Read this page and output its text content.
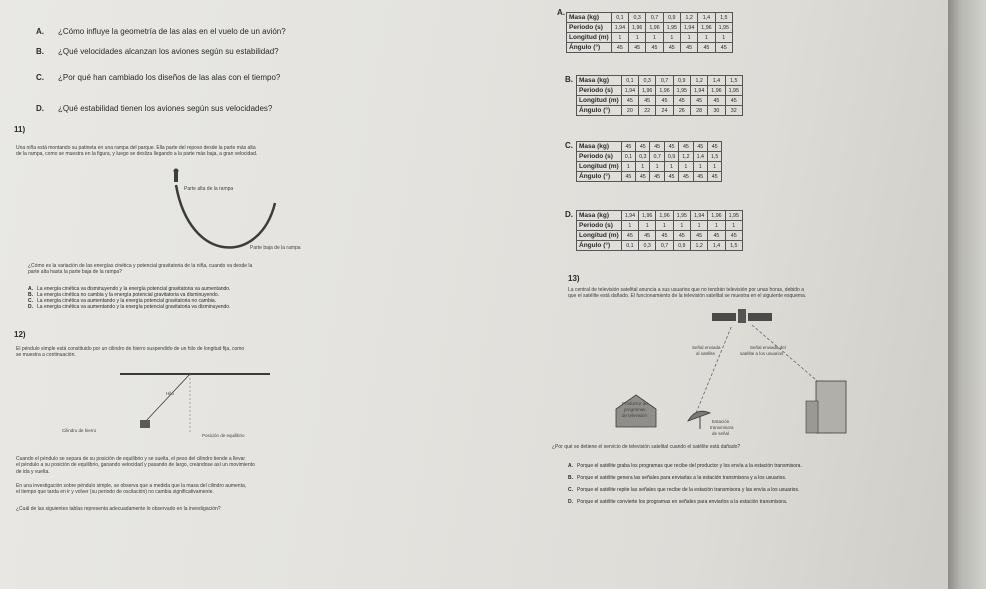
A. ¿Cómo influye la geometría de las alas en el vuelo de un avión?
B. ¿Qué velocidades alcanzan los aviones según su estabilidad?
C. ¿Por qué han cambiado los diseños de las alas con el tiempo?
D. ¿Qué estabilidad tienen los aviones según sus velocidades?
11)
Una niña está montando su patineta en una rampa del parque. Ella parte del reposo desde la parte más alta
de la rampa, como se muestra en la figura, y luego se desliza llegando a la parte más baja, a gran velocidad.
Parte alta de la rampa
Parte baja de la rampa
¿Cómo es la variación de las energías cinética y potencial gravitatoria de la niña, cuando va desde la
parte alta hasta la parte baja de la rampa?
A. La energía cinética va disminuyendo y la energía potencial gravitatoria va aumentando.
B. La energía cinética no cambia y la energía potencial gravitatoria va disminuyendo.
C. La energía cinética va aumentando y la energía potencial gravitatoria no cambia.
D. La energía cinética va aumentando y la energía potencial gravitatoria va disminuyendo.
12)
El péndulo simple está constituido por un cilindro de hierro suspendido de un hilo de longitud fija, como
se muestra a continuación.
Hilo
Cilindro de hierro
Posición de equilibrio
Cuando el péndulo se separa de su posición de equilibrio y se suelta, el peso del cilindro tiende a llevar
el péndulo a su posición de equilibrio, ganando velocidad y pasando de largo, creándose así un movimiento
de ida y vuelta.
En una investigación sobre péndulo simple, se observa que a medida que la masa del cilindro aumenta,
el tiempo que tarda en ir y volver (su periodo de oscilación) no cambia significativamente.
¿Cuál de las siguientes tablas representa adecuadamente lo observado en la investigación?
A.
Masa (kg)	0,1	0,3	0,7	0,9	1,2	1,4	1,5
Periodo (s)	1,94	1,96	1,96	1,95	1,94	1,96	1,95
Longitud (m)	1	1	1	1	1	1	1
Ángulo (°)	45	45	45	45	45	45	45
B. Masa (kg)	0,1	0,3	0,7	0,9	1,2	1,4	1,5
Periodo (s)	1,94	1,96	1,96	1,95	1,94	1,96	1,95
Longitud (m)	45	45	45	45	45	45	45
Ángulo (°)	20	22	24	26	28	30	32
C. Masa (kg)	45	45	45	45	45	45	45
Periodo (s)	0,1	0,3	0,7	0,9	1,2	1,4	1,5
Longitud (m)	1	1	1	1	1	1	1
Ángulo (°)	45	45	45	45	45	45	45
D. Masa (kg)	1,94	1,96	1,96	1,95	1,94	1,96	1,95
Periodo (s)	1	1	1	1	1	1	1
Longitud (m)	45	45	45	45	45	45	45
Ángulo (°)	0,1	0,3	0,7	0,9	1,2	1,4	1,5
13)
La central de televisión satelital anuncia a sus usuarios que no tendrán televisión por unas horas, debido a
que el satélite está dañado. El funcionamiento de la televisión satelital se muestra en el siguiente esquema.
Señal enviada al satélite
Señal enviada del satélite a los usuarios
Productor de programas de televisión
Estación transmisora de señal
¿Por qué se detiene el servicio de televisión satelital cuando el satélite está dañado?
A. Porque el satélite graba los programas que recibe del productor y los envía a la estación transmisora.
B. Porque el satélite genera las señales para enviarlas a la estación transmisora y a los usuarios.
C. Porque el satélite repite las señales que recibe de la estación transmisora y las envía a los usuarios.
D. Porque el satélite convierte los programas en señales para enviarlos a la estación transmisora.
